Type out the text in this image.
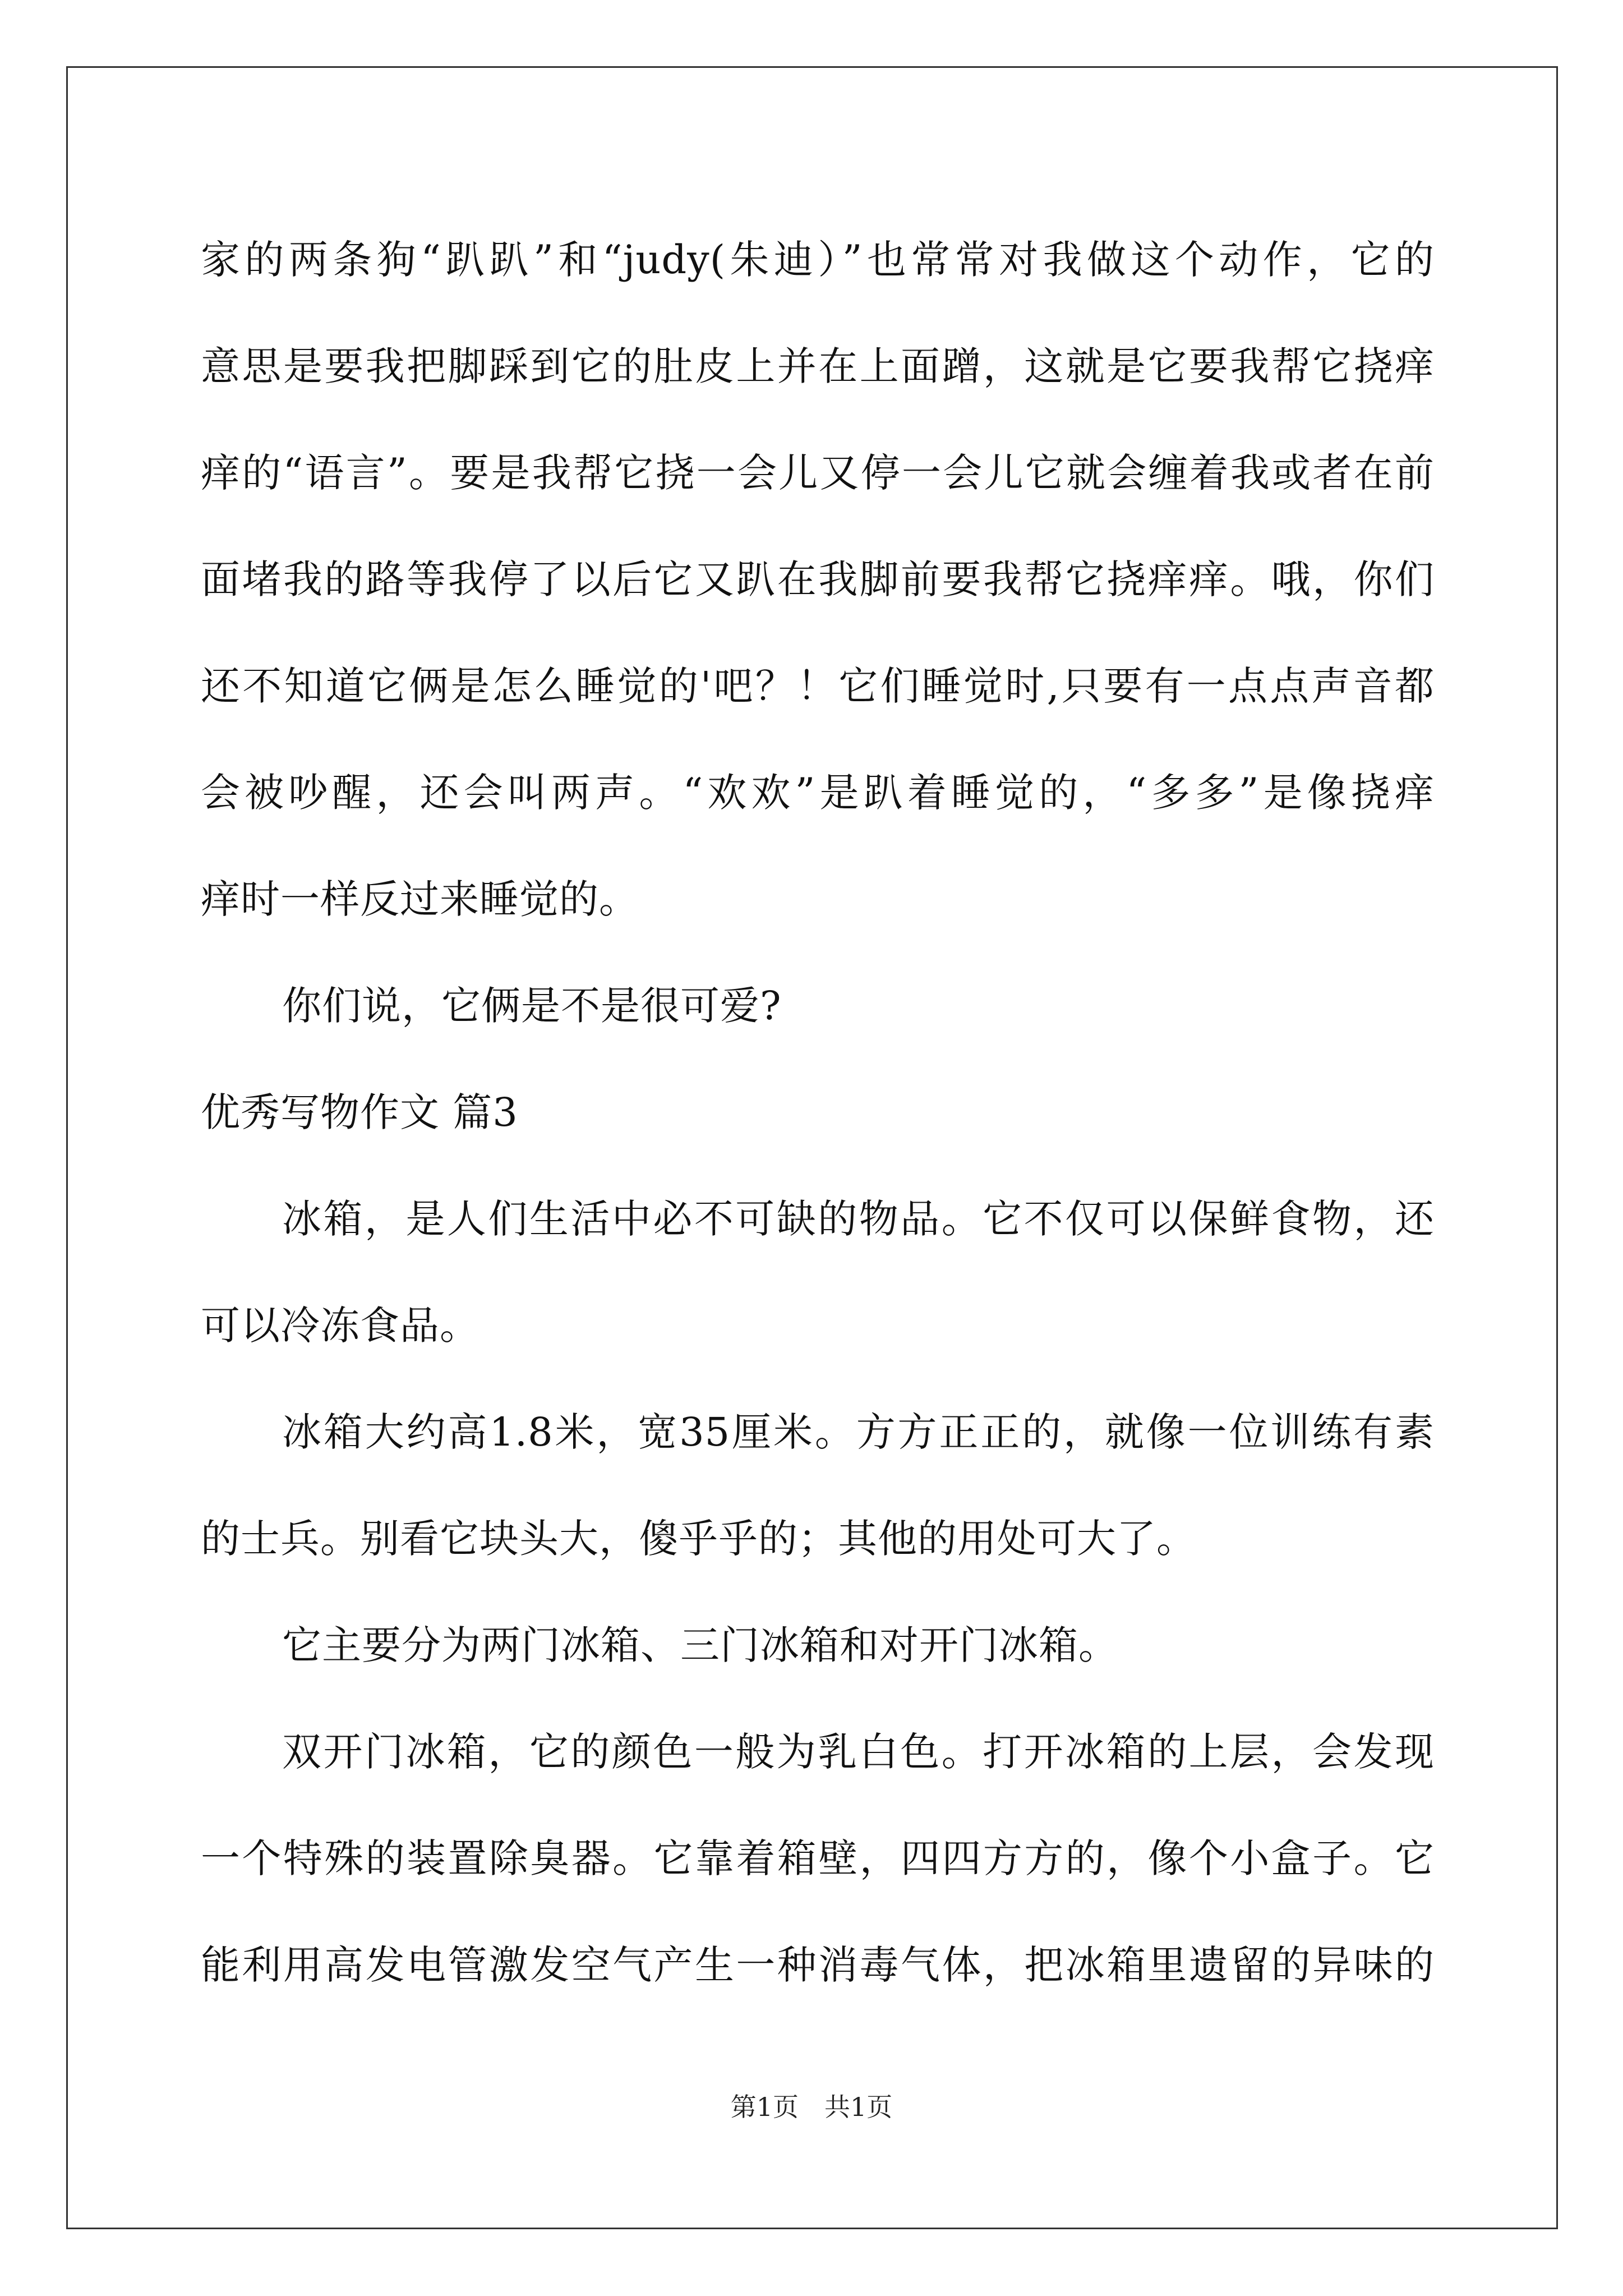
家的两条狗“趴趴”和“judy(朱迪）”也常常对我做这个动作，它的
意思是要我把脚踩到它的肚皮上并在上面蹭，这就是它要我帮它挠痒
痒的“语言”。要是我帮它挠一会儿又停一会儿它就会缠着我或者在前
面堵我的路等我停了以后它又趴在我脚前要我帮它挠痒痒。哦，你们
还不知道它俩是怎么睡觉的'吧？！它们睡觉时,只要有一点点声音都
会被吵醒，还会叫两声。“欢欢”是趴着睡觉的，“多多”是像挠痒
痒时一样反过来睡觉的。
你们说，它俩是不是很可爱?
优秀写物作文 篇3
冰箱，是人们生活中必不可缺的物品。它不仅可以保鲜食物，还
可以冷冻食品。
冰箱大约高1.8米，宽35厘米。方方正正的，就像一位训练有素
的士兵。别看它块头大，傻乎乎的；其他的用处可大了。
它主要分为两门冰箱、三门冰箱和对开门冰箱。
双开门冰箱，它的颜色一般为乳白色。打开冰箱的上层，会发现
一个特殊的装置除臭器。它靠着箱壁，四四方方的，像个小盒子。它
能利用高发电管激发空气产生一种消毒气体，把冰箱里遗留的异味的
第1页　共1页
